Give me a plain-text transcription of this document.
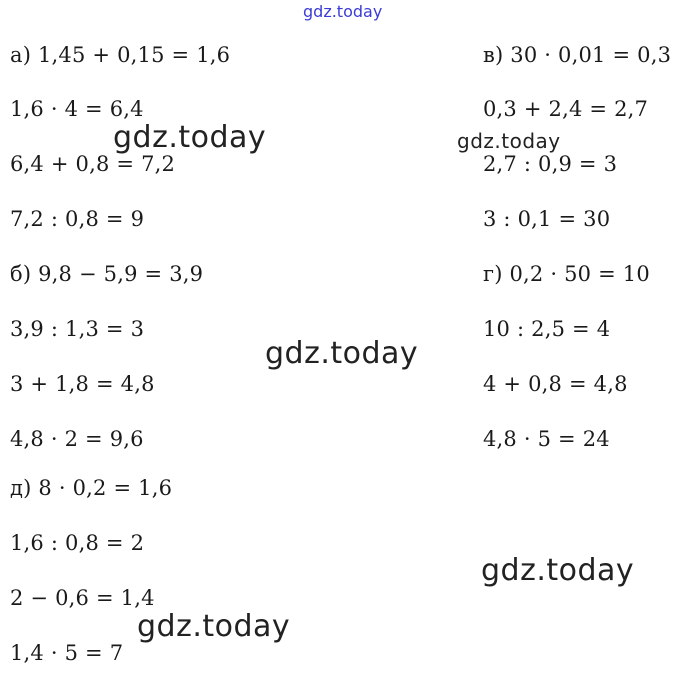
а) 1,45 + 0,15 = 1,6
1,6 · 4 = 6,4
6,4 + 0,8 = 7,2
7,2 : 0,8 = 9
б) 9,8 − 5,9 = 3,9
3,9 : 1,3 = 3
3 + 1,8 = 4,8
4,8 · 2 = 9,6
д) 8 · 0,2 = 1,6
1,6 : 0,8 = 2
2 − 0,6 = 1,4
1,4 · 5 = 7
в) 30 · 0,01 = 0,3
0,3 + 2,4 = 2,7
2,7 : 0,9 = 3
3 : 0,1 = 30
г) 0,2 · 50 = 10
10 : 2,5 = 4
4 + 0,8 = 4,8
4,8 · 5 = 24
gdz.today
gdz.today	gdz.today
gdz.today
gdz.today
gdz.today
